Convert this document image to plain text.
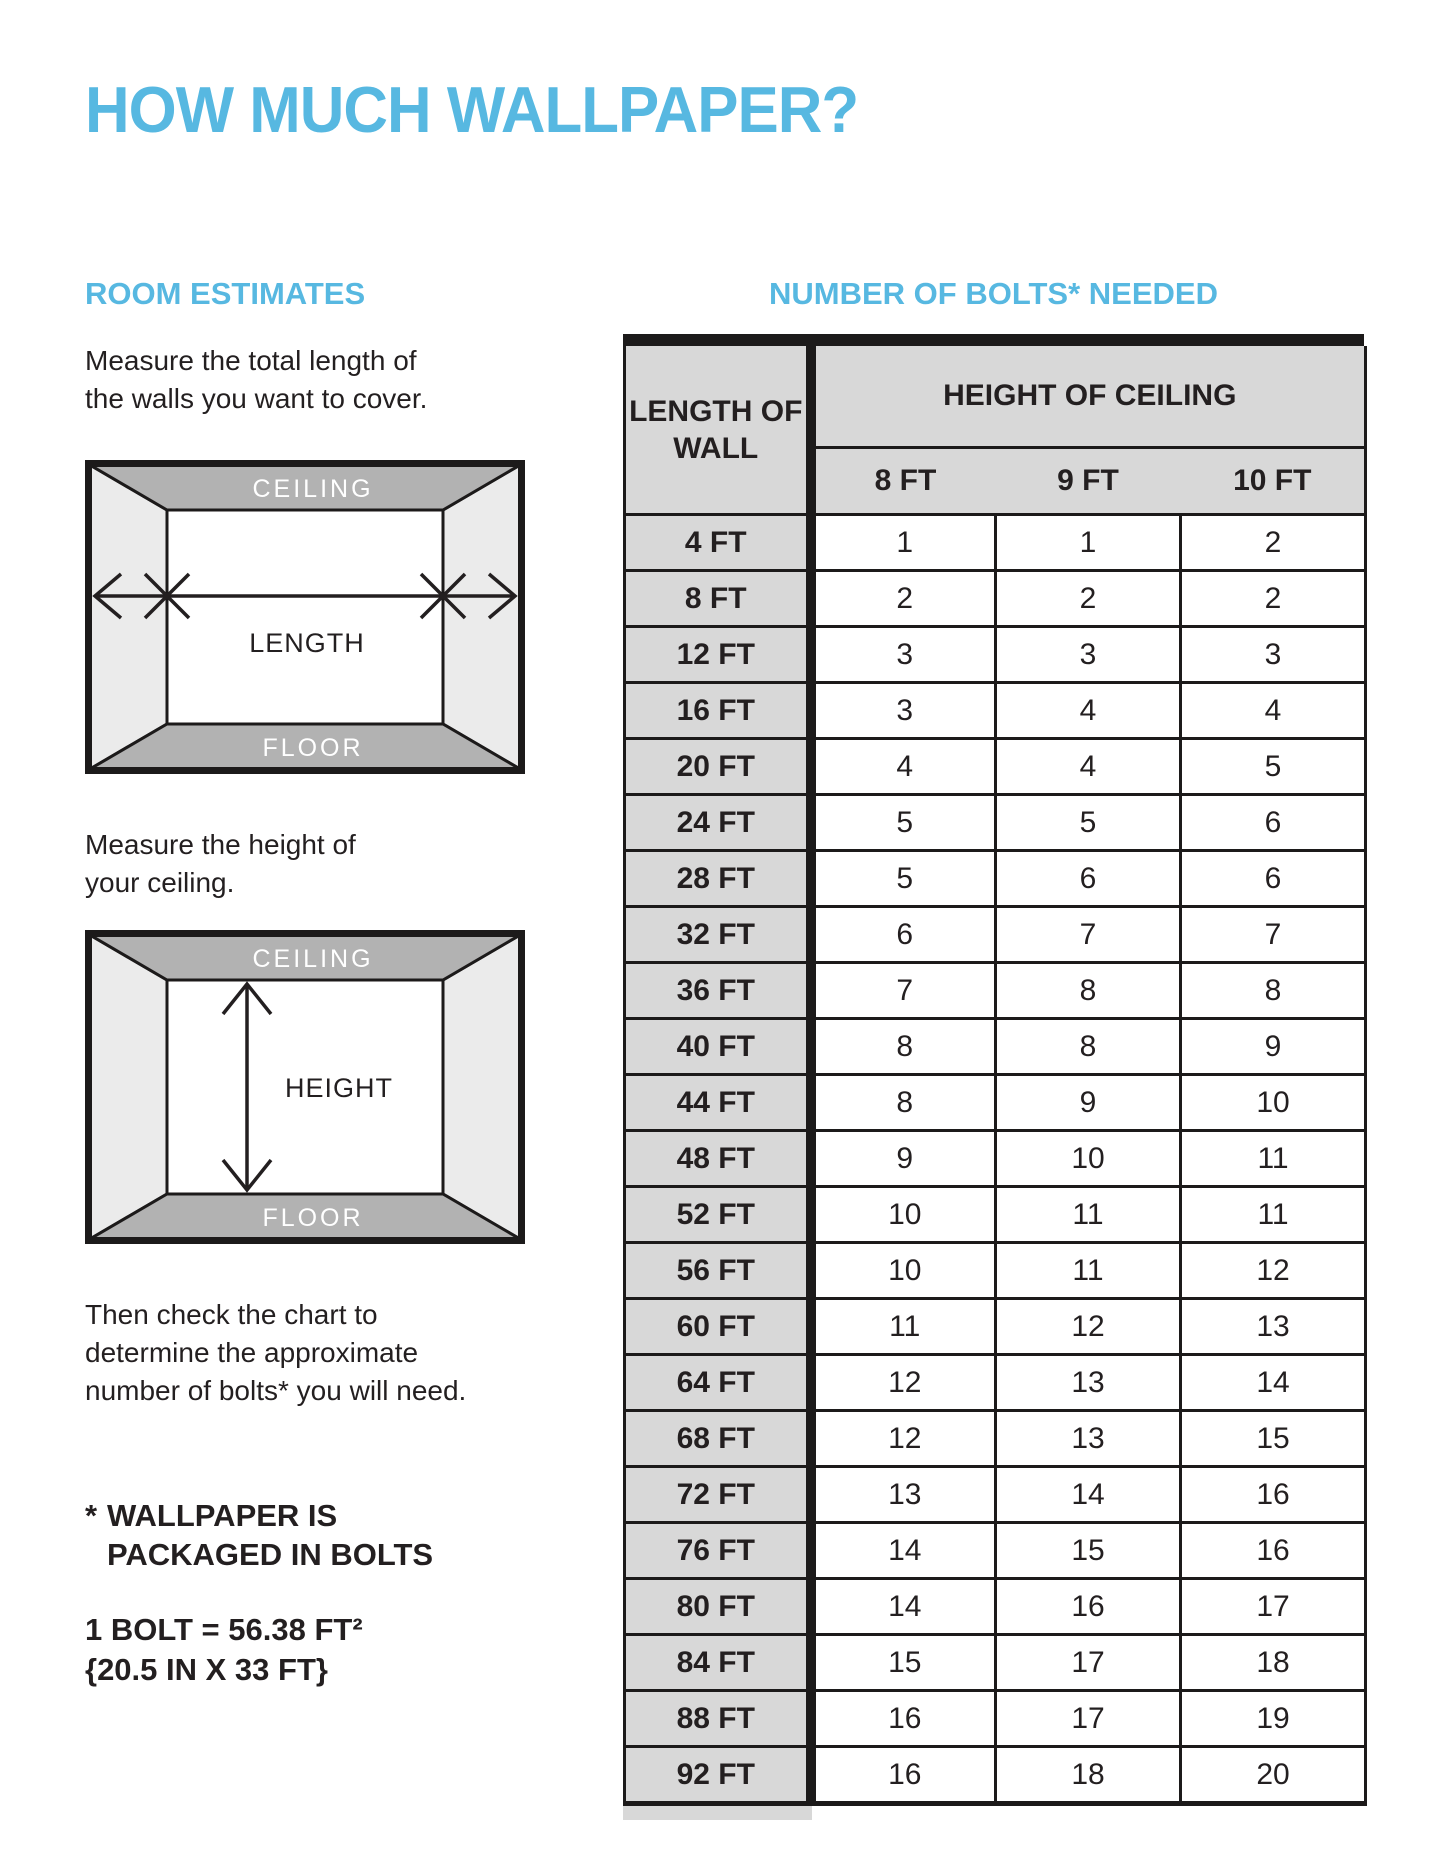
HOW MUCH WALLPAPER?
ROOM ESTIMATES

Measure the total length of
the walls you want to cover.

CEILING
FLOOR
LENGTH

Measure the height of
your ceiling.

CEILING
FLOOR
HEIGHT

Then check the chart to
determine the approximate
number of bolts* you will need.

* WALLPAPER IS
PACKAGED IN BOLTS

1 BOLT = 56.38 FT²
{20.5 IN X 33 FT}

NUMBER OF BOLTS* NEEDED
LENGTH OF WALL	HEIGHT OF CEILING		
	8 FT	9 FT	10 FT
4 FT	1	1	2
8 FT	2	2	2
12 FT	3	3	3
16 FT	3	4	4
20 FT	4	4	5
24 FT	5	5	6
28 FT	5	6	6
32 FT	6	7	7
36 FT	7	8	8
40 FT	8	8	9
44 FT	8	9	10
48 FT	9	10	11
52 FT	10	11	11
56 FT	10	11	12
60 FT	11	12	13
64 FT	12	13	14
68 FT	12	13	15
72 FT	13	14	16
76 FT	14	15	16
80 FT	14	16	17
84 FT	15	17	18
88 FT	16	17	19
92 FT	16	18	20
